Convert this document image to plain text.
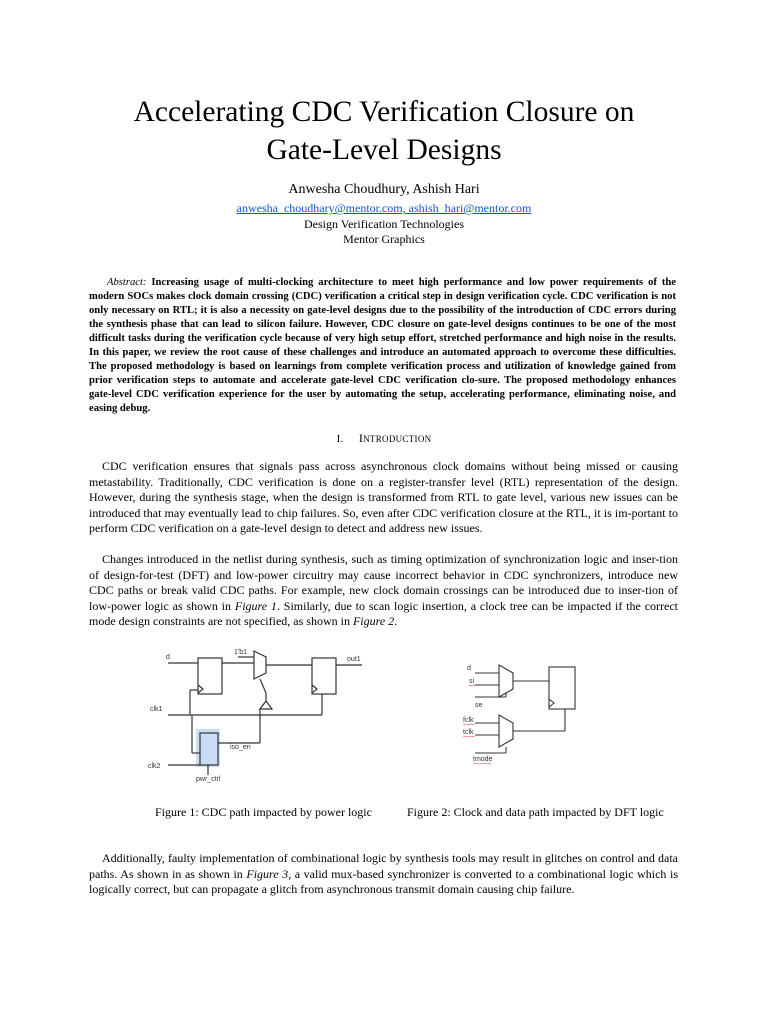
Accelerating CDC Verification Closure on
Gate-Level Designs

Anwesha Choudhury, Ashish Hari

anwesha_choudhary@mentor.com, ashish_hari@mentor.com

Design Verification Technologies

Mentor Graphics

Abstract: Increasing usage of multi-clocking architecture to meet high performance and low power requirements of the modern SOCs makes clock domain crossing (CDC) verification a critical step in design verification cycle. CDC verification is not only necessary on RTL; it is also a necessity on gate-level designs due to the possibility of the introduction of CDC errors during the synthesis phase that can lead to silicon failure. However, CDC closure on gate-level designs continues to be one of the most difficult tasks during the verification cycle because of very high setup effort, stretched performance and high noise in the results. In this paper, we review the root cause of these challenges and introduce an automated approach to overcome these difficulties. The proposed methodology is based on learnings from complete verification process and utilization of knowledge gained from prior verification steps to automate and accelerate gate-level CDC verification clo-sure. The proposed methodology enhances gate-level CDC verification experience for the user by automating the setup, accelerating performance, eliminating noise, and easing debug.

I. INTRODUCTION

CDC verification ensures that signals pass across asynchronous clock domains without being missed or causing metastability. Traditionally, CDC verification is done on a register-transfer level (RTL) representation of the design. However, during the synthesis stage, when the design is transformed from RTL to gate level, various new issues can be introduced that may eventually lead to chip failures. So, even after CDC verification closure at the RTL, it is im-portant to perform CDC verification on a gate-level design to detect and address new issues.

Changes introduced in the netlist during synthesis, such as timing optimization of synchronization logic and inser-tion of design-for-test (DFT) and low-power circuitry may cause incorrect behavior in CDC synchronizers, introduce new CDC paths or break valid CDC paths. For example, new clock domain crossings can be introduced due to inser-tion of low-power logic as shown in Figure 1. Similarly, due to scan logic insertion, a clock tree can be impacted if the correct mode design constraints are not specified, as shown in Figure 2.

d
1'b1
out1
clk1
clk2
iso_en
pwr_ctrl
d
si
se
fclk
tclk
tmode

Figure 1: CDC path impacted by power logic	Figure 2: Clock and data path impacted by DFT logic

Additionally, faulty implementation of combinational logic by synthesis tools may result in glitches on control and data paths. As shown in as shown in Figure 3, a valid mux-based synchronizer is converted to a combinational logic which is logically correct, but can propagate a glitch from asynchronous transmit domain causing chip failure.
